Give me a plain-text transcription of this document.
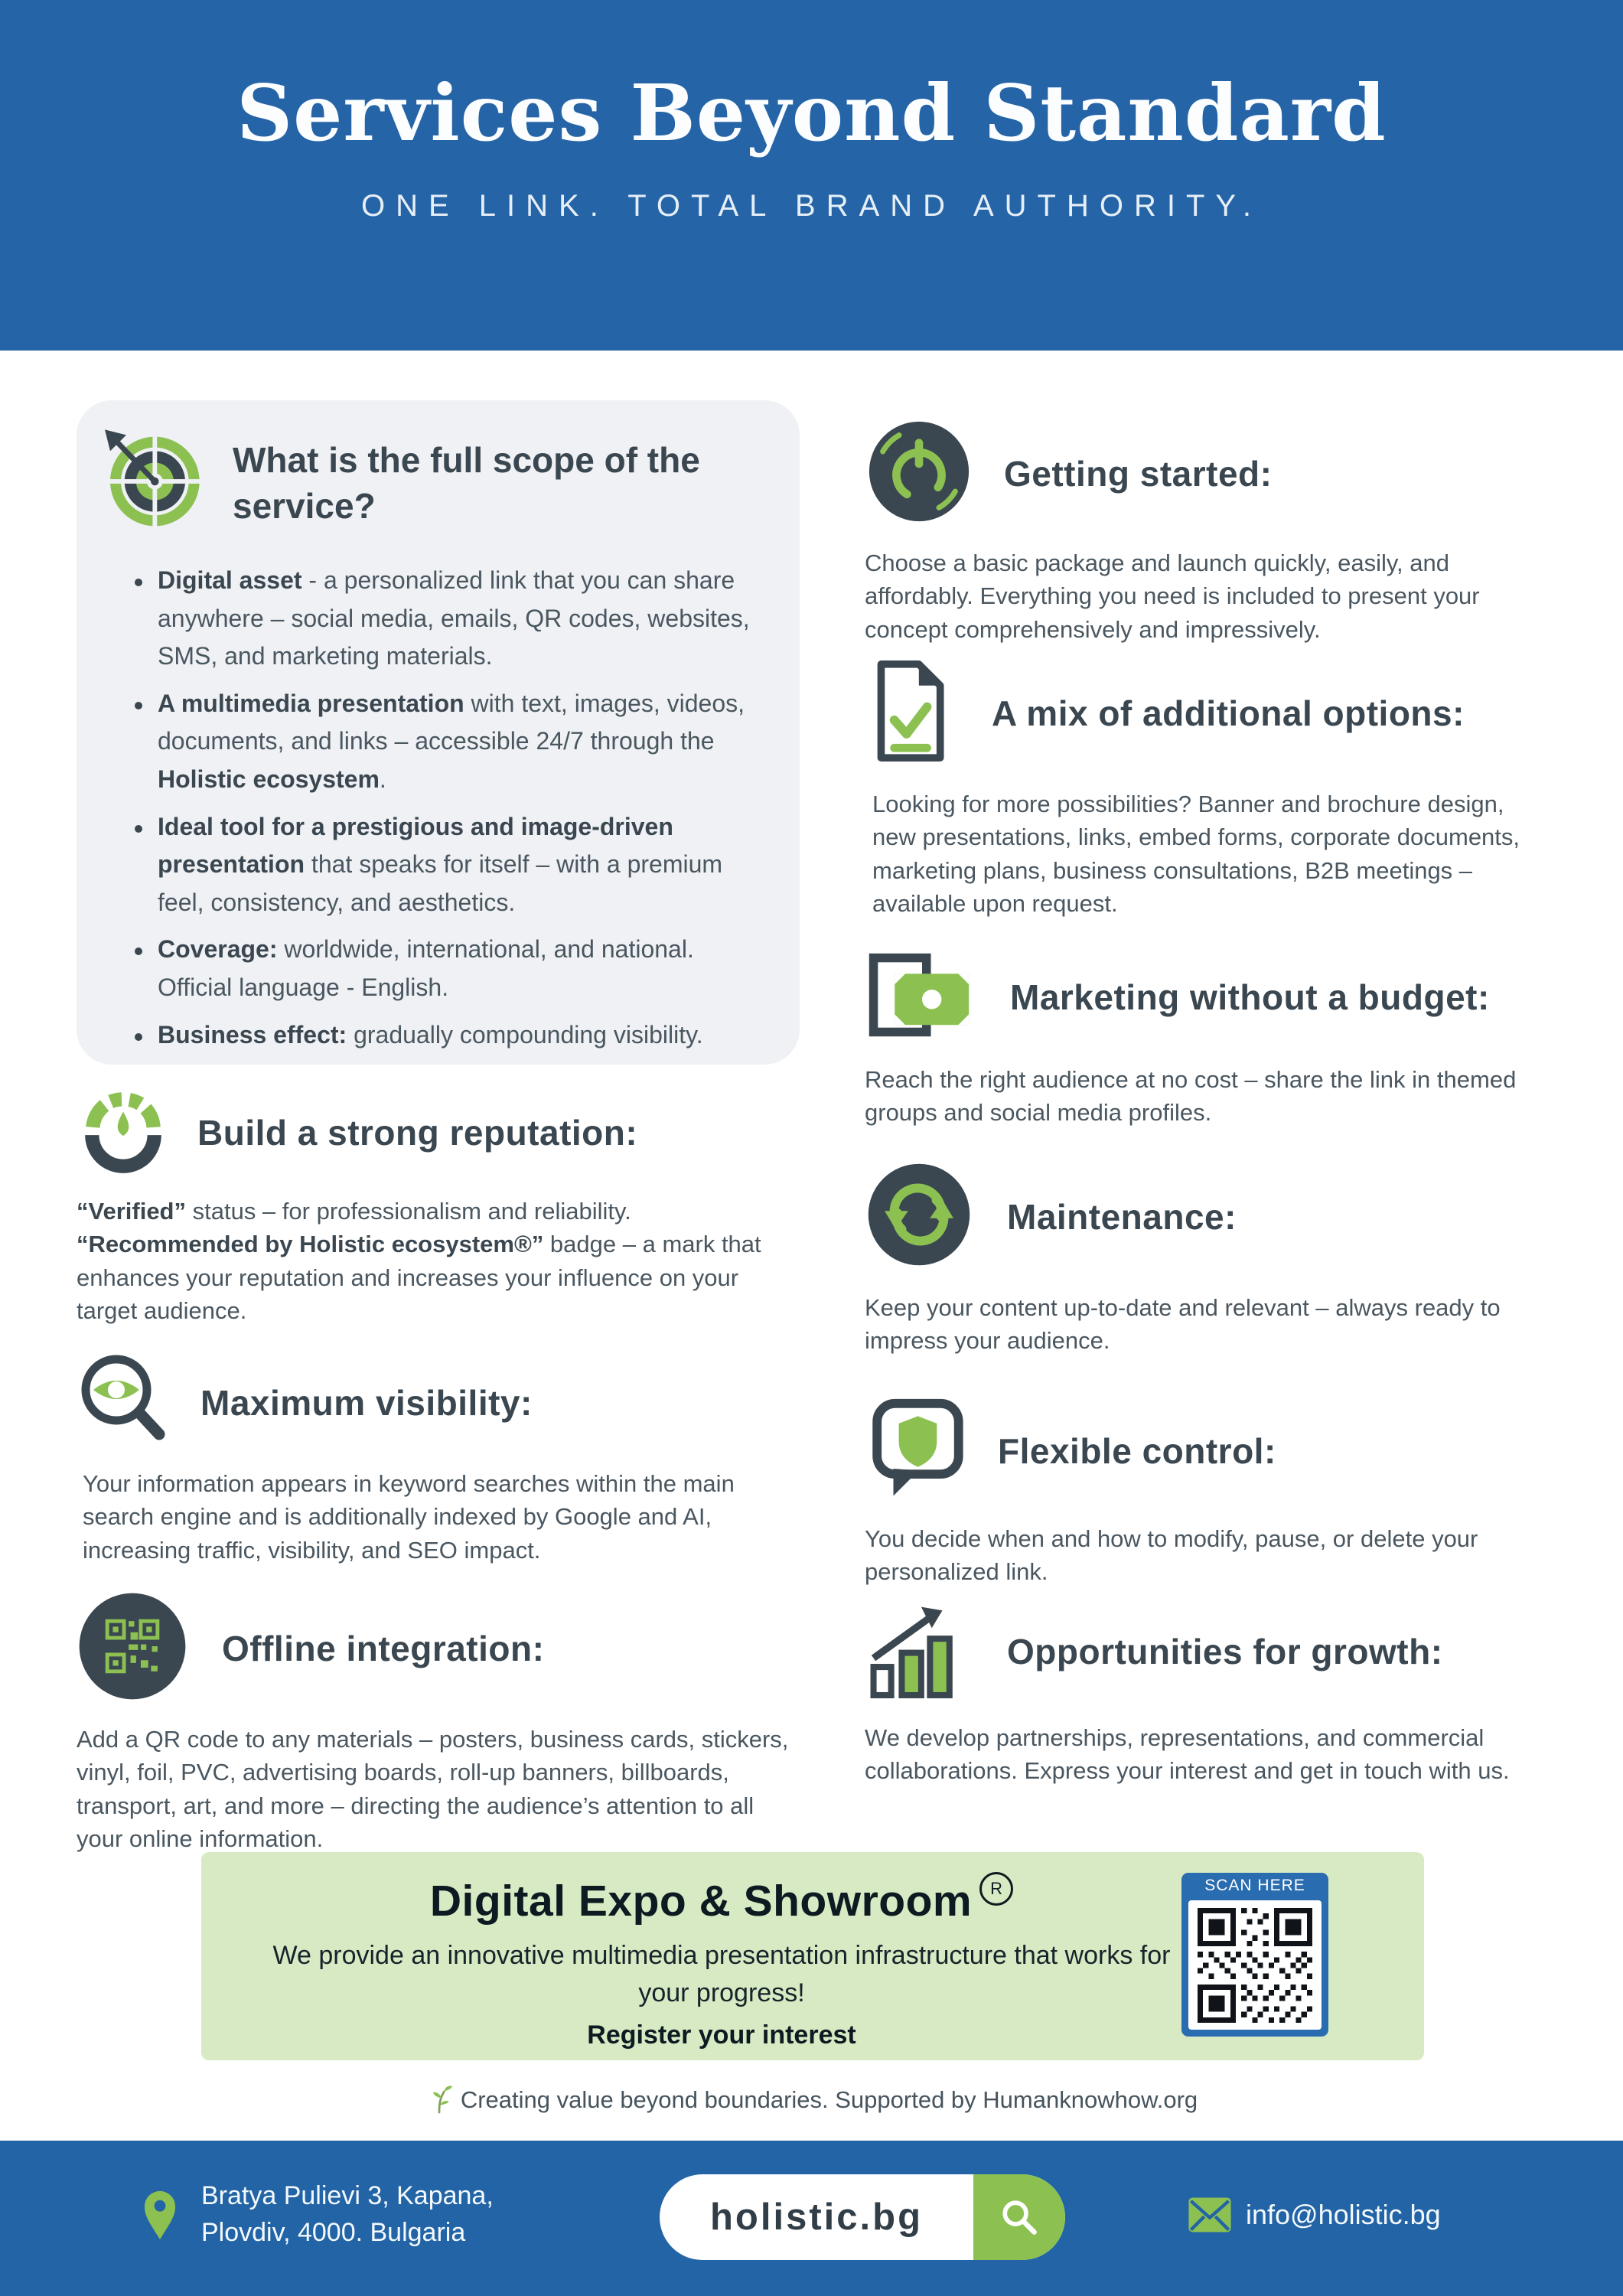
Services Beyond Standard
ONE LINK. TOTAL BRAND AUTHORITY.
What is the full scope of the service?
Digital asset - a personalized link that you can share anywhere – social media, emails, QR codes, websites, SMS, and marketing materials.
A multimedia presentation with text, images, videos, documents, and links – accessible 24/7 through the Holistic ecosystem.
Ideal tool for a prestigious and image-driven presentation that speaks for itself – with a premium feel, consistency, and aesthetics.
Coverage: worldwide, international, and national. Official language - English.
Business effect: gradually compounding visibility.
Build a strong reputation:
“Verified” status – for professionalism and reliability.
“Recommended by Holistic ecosystem®” badge – a mark that enhances your reputation and increases your influence on your target audience.
Maximum visibility:
Your information appears in keyword searches within the main search engine and is additionally indexed by Google and AI, increasing traffic, visibility, and SEO impact.
Offline integration:
Add a QR code to any materials – posters, business cards, stickers, vinyl, foil, PVC, advertising boards, roll-up banners, billboards, transport, art, and more – directing the audience’s attention to all your online information.
Getting started:
Choose a basic package and launch quickly, easily, and affordably. Everything you need is included to present your concept comprehensively and impressively.
A mix of additional options:
Looking for more possibilities? Banner and brochure design, new presentations, links, embed forms, corporate documents, marketing plans, business consultations, B2B meetings – available upon request.
Marketing without a budget:
Reach the right audience at no cost – share the link in themed groups and social media profiles.
Maintenance:
Keep your content up-to-date and relevant – always ready to impress your audience.
Flexible control:
You decide when and how to modify, pause, or delete your personalized link.
Opportunities for growth:
We develop partnerships, representations, and commercial collaborations. Express your interest and get in touch with us.
Digital Expo & Showroom R
We provide an innovative multimedia presentation infrastructure that works for your progress!
Register your interest
SCAN HERE
Creating value beyond boundaries. Supported by Humanknowhow.org
Bratya Pulievi 3, Kapana,
Plovdiv, 4000. Bulgaria	holistic.bg	info@holistic.bg
